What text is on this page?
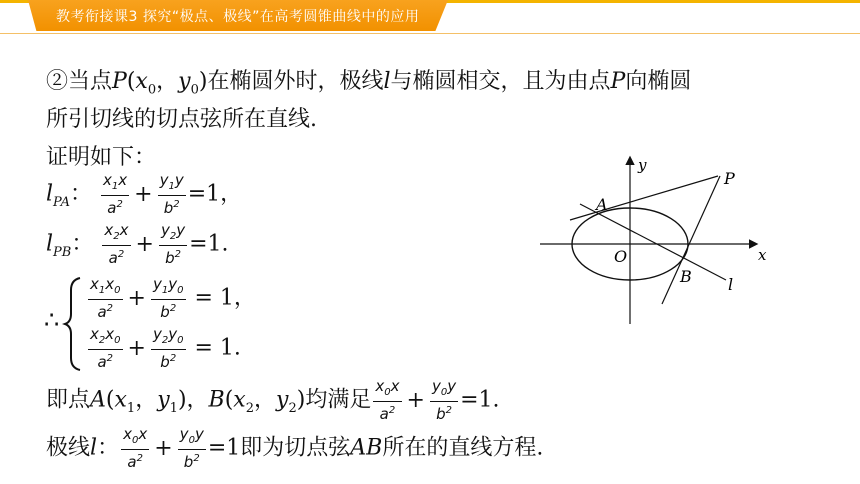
教考衔接课3 探究“极点、极线”在高考圆锥曲线中的应用
②当点$P(x_0$，$y_0$)在椭圆外时，极线l与椭圆相交，且为由点P向椭圆
所引切线的切点弦所在直线.
证明如下：
$l_{PA}$： $\frac{x_1x}{a^2} + \frac{y_1y}{b^2} =1$，
$l_{PB}$： $\frac{x_2x}{a^2} + \frac{y_2y}{b^2} =1$.
∴ $\frac{x_1x_0}{a^2} + \frac{y_1y_0}{b^2} = 1$，
$\frac{x_2x_0}{a^2} + \frac{y_2y_0}{b^2} = 1$.
即点$A(x_1$，$y_1$)，$B(x_2$，$y_2$)均满足 $\frac{x_0x}{a^2} + \frac{y_0y}{b^2} =1$.
极线l： $\frac{x_0x}{a^2} + \frac{y_0y}{b^2} =1$即为切点弦AB所在的直线方程.
y
x
P
A
B
O
l
